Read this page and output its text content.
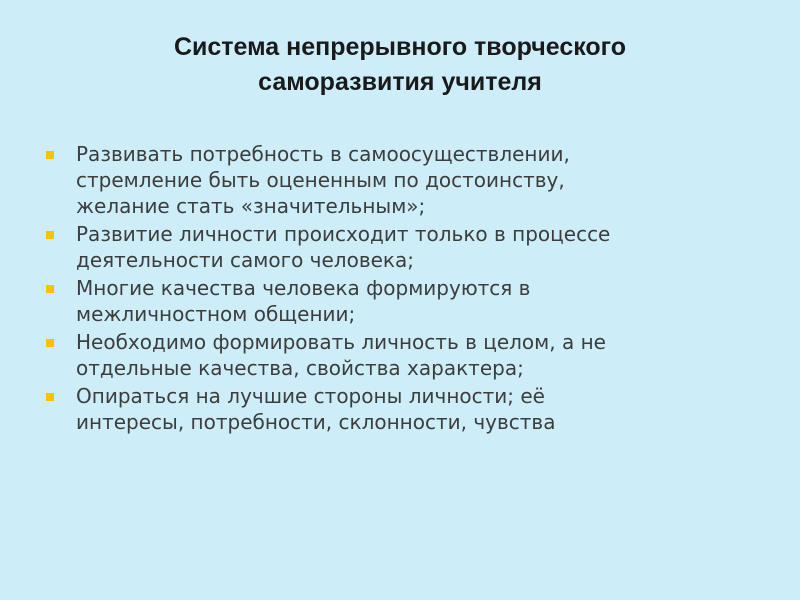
Система непрерывного творческого
саморазвития учителя
Развивать потребность в самоосуществлении,
стремление быть оцененным по достоинству,
желание стать «значительным»;
Развитие личности происходит только в процессе
деятельности самого человека;
Многие качества человека формируются в
межличностном общении;
Необходимо формировать личность в целом, а не
отдельные качества, свойства характера;
Опираться на лучшие стороны личности; её
интересы, потребности, склонности, чувства
